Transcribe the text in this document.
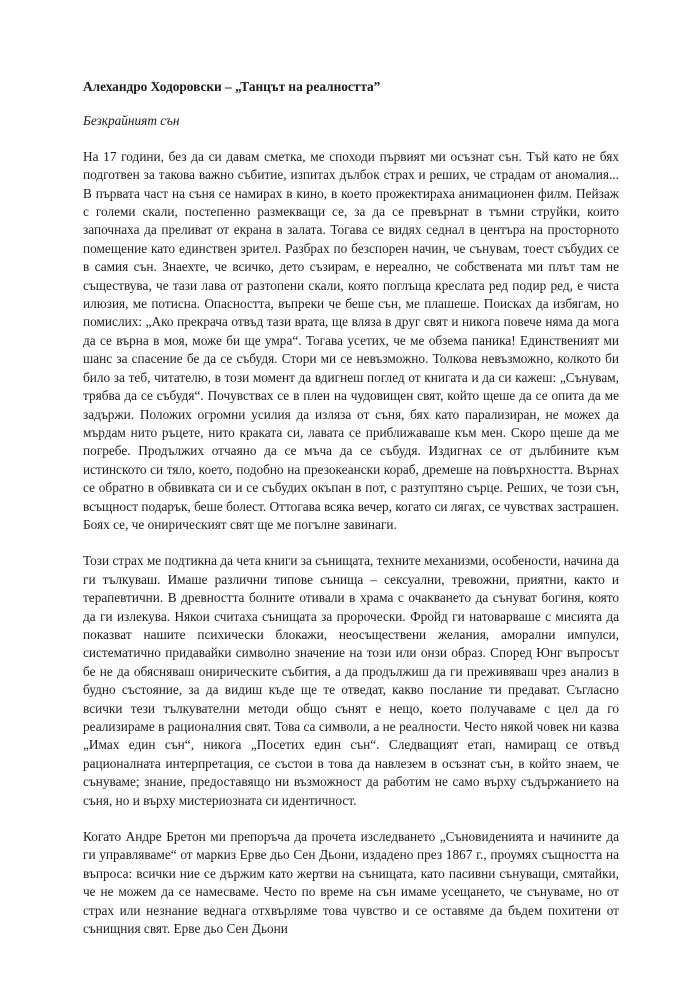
Алехандро Ходоровски – „Танцът на реалността”

Безкрайният сън

На 17 години, без да си давам сметка, ме споходи първият ми осъзнат сън. Тъй като не бях подготвен за такова важно събитие, изпитах дълбок страх и реших, че страдам от аномалия... В първата част на съня се намирах в кино, в което прожектираха анимационен филм. Пейзаж с големи скали, постепенно размекващи се, за да се превърнат в тъмни струйки, които започнаха да преливат от екрана в залата. Тогава се видях седнал в центъра на просторното помещение като единствен зрител. Разбрах по безспорен начин, че сънувам, тоест събудих се в самия сън. Знаехте, че всичко, дето съзирам, е нереално, че собствената ми плът там не съществува, че тази лава от разтопени скали, която поглъща креслата ред подир ред, е чиста илюзия, ме потисна. Опасността, въпреки че беше сън, ме плашеше. Поисках да избягам, но помислих: „Ако прекрача отвъд тази врата, ще вляза в друг свят и никога повече няма да мога да се върна в моя, може би ще умра“. Тогава усетих, че ме обзема паника! Единственият ми шанс за спасение бе да се събудя. Стори ми се невъзможно. Толкова невъзможно, колкото би било за теб, читателю, в този момент да вдигнеш поглед от книгата и да си кажеш: „Сънувам, трябва да се събудя“. Почувствах се в плен на чудовищен свят, който щеше да се опита да ме задържи. Положих огромни усилия да изляза от съня, бях като парализиран, не можех да мърдам нито ръцете, нито краката си, лавата се приближаваше към мен. Скоро щеше да ме погребе. Продължих отчаяно да се мъча да се събудя. Издигнах се от дълбините към истинското си тяло, което, подобно на презокеански кораб, дремеше на повърхността. Върнах се обратно в обвивката си и се събудих окъпан в пот, с разтуптяно сърце. Реших, че този сън, всъщност подарък, беше болест. Оттогава всяка вечер, когато си лягах, се чувствах застрашен. Боях се, че онирическият свят ще ме погълне завинаги.

Този страх ме подтикна да чета книги за сънищата, техните механизми, особености, начина да ги тълкуваш. Имаше различни типове сънища – сексуални, тревожни, приятни, както и терапевтични. В древността болните отивали в храма с очакването да сънуват богиня, която да ги излекува. Някои считаха сънищата за пророчески. Фройд ги натоварваше с мисията да показват нашите психически блокажи, неосъществени желания, аморални импулси, систематично придавайки символно значение на този или онзи образ. Според Юнг въпросът бе не да обясняваш онирическите събития, а да продължиш да ги преживяваш чрез анализ в будно състояние, за да видиш къде ще те отведат, какво послание ти предават. Съгласно всички тези тълкувателни методи общо сънят е нещо, което получаваме с цел да го реализираме в рационалния свят. Това са символи, а не реалности. Често някой човек ни казва „Имах един сън“, никога „Посетих един сън“. Следващият етап, намиращ се отвъд рационалната интерпретация, се състои в това да навлезем в осъзнат сън, в който знаем, че сънуваме; знание, предоставящо ни възможност да работим не само върху съдържанието на съня, но и върху мистериозната си идентичност.

Когато Андре Бретон ми препоръча да прочета изследването „Съновиденията и начините да ги управляваме“ от маркиз Ерве дьо Сен Дьони, издадено през 1867 г., проумях същността на въпроса: всички ние се държим като жертви на сънищата, като пасивни сънуващи, смятайки, че не можем да се намесваме. Често по време на сън имаме усещането, че сънуваме, но от страх или незнание веднага отхвърляме това чувство и се оставяме да бъдем похитени от сънищния свят. Ерве дьо Сен Дьони
